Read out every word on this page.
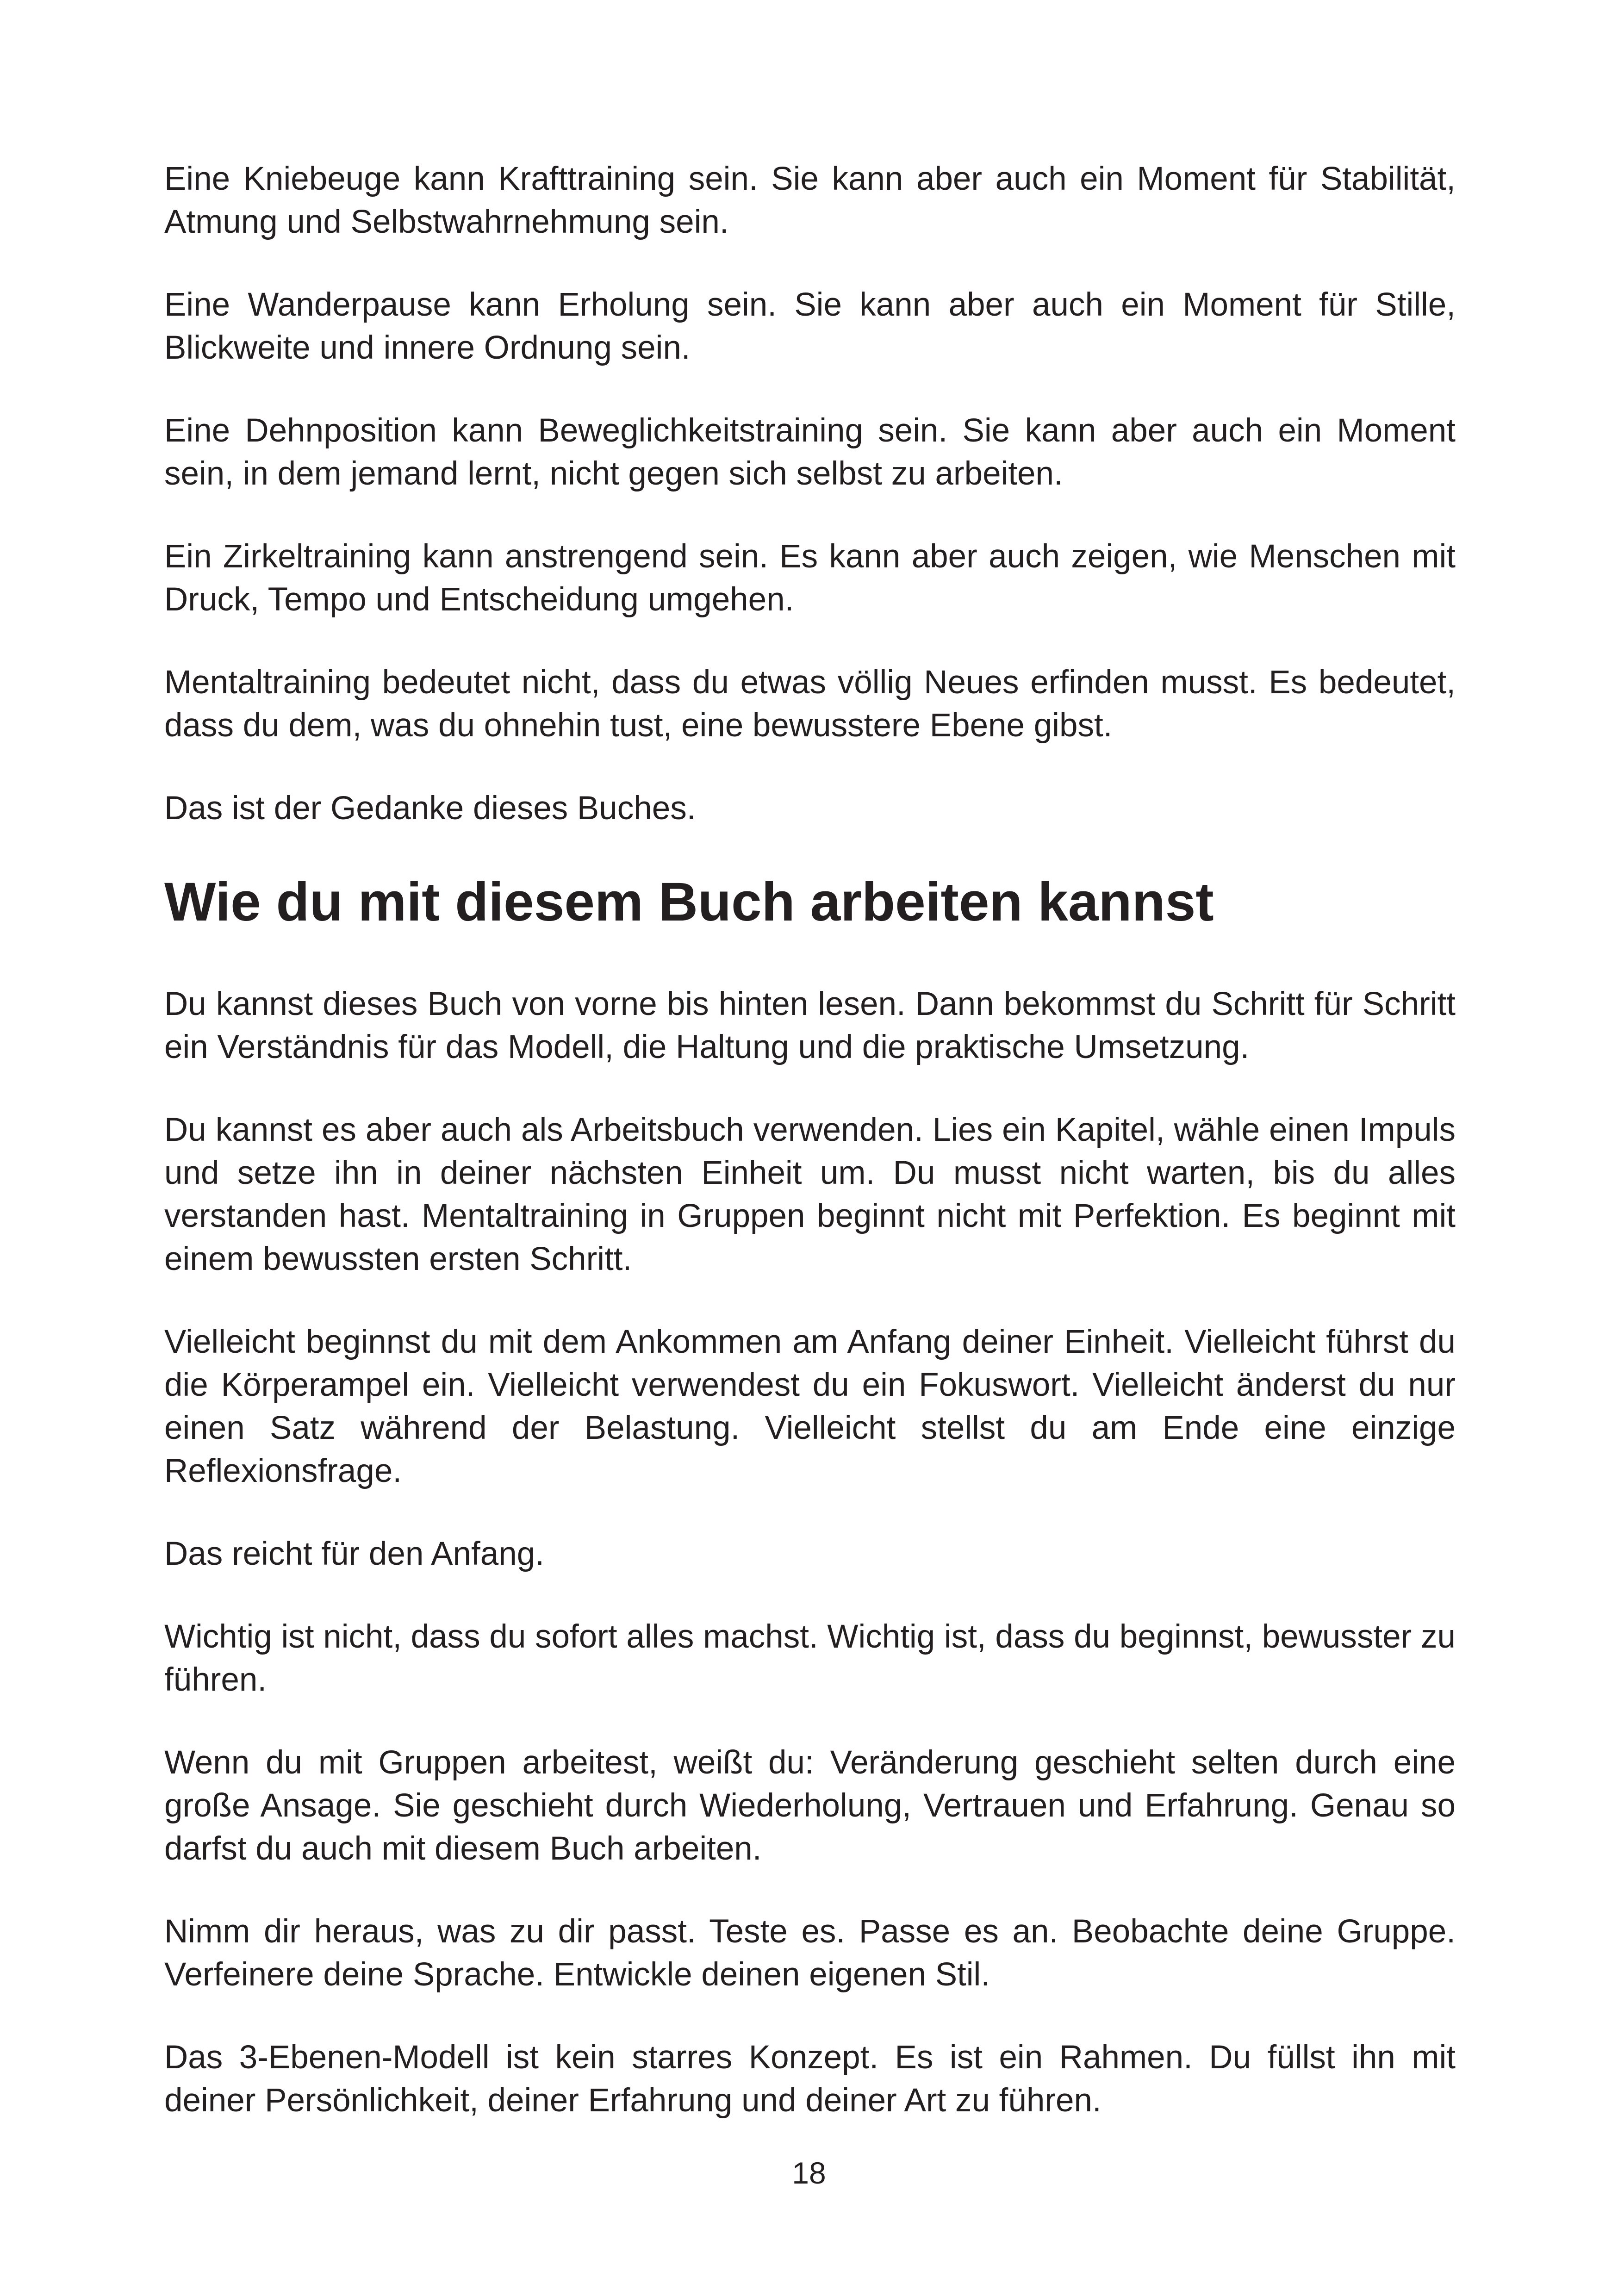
Eine Kniebeuge kann Krafttraining sein. Sie kann aber auch ein Moment für Stabilität, Atmung und Selbstwahrnehmung sein.

Eine Wanderpause kann Erholung sein. Sie kann aber auch ein Moment für Stille, Blickweite und innere Ordnung sein.

Eine Dehnposition kann Beweglichkeitstraining sein. Sie kann aber auch ein Moment sein, in dem jemand lernt, nicht gegen sich selbst zu arbeiten.

Ein Zirkeltraining kann anstrengend sein. Es kann aber auch zeigen, wie Menschen mit Druck, Tempo und Entscheidung umgehen.

Mentaltraining bedeutet nicht, dass du etwas völlig Neues erfinden musst. Es bedeutet, dass du dem, was du ohnehin tust, eine bewusstere Ebene gibst.

Das ist der Gedanke dieses Buches.

Wie du mit diesem Buch arbeiten kannst

Du kannst dieses Buch von vorne bis hinten lesen. Dann bekommst du Schritt für Schritt ein Verständnis für das Modell, die Haltung und die praktische Umsetzung.

Du kannst es aber auch als Arbeitsbuch verwenden. Lies ein Kapitel, wähle einen Impuls und setze ihn in deiner nächsten Einheit um. Du musst nicht warten, bis du alles verstanden hast. Mentaltraining in Gruppen beginnt nicht mit Perfektion. Es beginnt mit einem bewussten ersten Schritt.

Vielleicht beginnst du mit dem Ankommen am Anfang deiner Einheit. Vielleicht führst du die Körperampel ein. Vielleicht verwendest du ein Fokuswort. Vielleicht änderst du nur einen Satz während der Belastung. Vielleicht stellst du am Ende eine einzige Reflexionsfrage.

Das reicht für den Anfang.

Wichtig ist nicht, dass du sofort alles machst. Wichtig ist, dass du beginnst, bewusster zu führen.

Wenn du mit Gruppen arbeitest, weißt du: Veränderung geschieht selten durch eine große Ansage. Sie geschieht durch Wiederholung, Vertrauen und Erfahrung. Genau so darfst du auch mit diesem Buch arbeiten.

Nimm dir heraus, was zu dir passt. Teste es. Passe es an. Beobachte deine Gruppe. Verfeinere deine Sprache. Entwickle deinen eigenen Stil.

Das 3-Ebenen-Modell ist kein starres Konzept. Es ist ein Rahmen. Du füllst ihn mit deiner Persönlichkeit, deiner Erfahrung und deiner Art zu führen.

18
